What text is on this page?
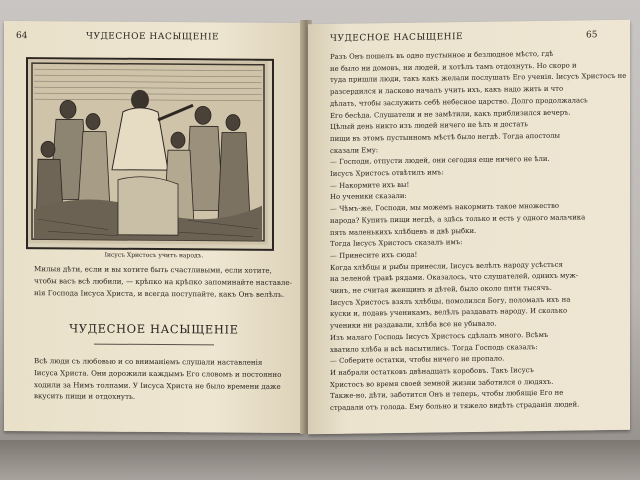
64	ЧУДЕСНОЕ НАСЫЩЕНІЕ
Іисусъ Христосъ учитъ народъ.

Милыя дѣти, если и вы хотите быть счастливыми, если хотите,
чтобы васъ всѣ любили, — крѣпко на крѣпко запоминайте наставле-
нія Господа Іисуса Христа, и всегда поступайте, какъ Онъ велѣлъ.

ЧУДЕСНОЕ НАСЫЩЕНІЕ

Всѣ люди съ любовью и со вниманіемъ слушали наставленія
Іисуса Христа. Они дорожили каждымъ Его словомъ и постоянно
ходили за Нимъ толпами. У Іисуса Христа не было времени даже
вкусить пищи и отдохнуть.

ЧУДЕСНОЕ НАСЫЩЕНІЕ	65

Разъ Онъ пошелъ въ одно пустынное и безлюдное мѣсто, гдѣ
не было ни домовъ, ни людей, и хотѣлъ тамъ отдохнуть. Но скоро и
туда пришли люди, такъ какъ желали послушать Его ученія. Іисусъ Христосъ не
разсердился и ласково началъ учить ихъ, какъ надо жить и что
дѣлать, чтобы заслужить себѣ небесное царство. Долго продолжалась
Его бесѣда. Слушатели и не замѣтили, какъ приблизился вечеръ.
Цѣлый день никто изъ людей ничего не ѣлъ и достать
пищи въ этомъ пустынномъ мѣстѣ было негдѣ. Тогда апостолы
сказали Ему:
— Господи, отпусти людей, они сегодня еще ничего не ѣли.
Іисусъ Христосъ отвѣтилъ имъ:
— Накормите ихъ вы!
Но ученики сказали:
— Чѣмъ-же, Господи, мы можемъ накормить такое множество
народа? Купить пищи негдѣ, а здѣсь только и есть у одного мальчика
пять маленькихъ хлѣбцевъ и двѣ рыбки.
Тогда Іисусъ Христосъ сказалъ имъ:
— Принесите ихъ сюда!
Когда хлѣбцы и рыбы принесли, Іисусъ велѣлъ народу усѣсться
на зеленой травѣ рядами. Оказалось, что слушателей, однихъ муж-
чинъ, не считая женщинъ и дѣтей, было около пяти тысячъ.
Іисусъ Христосъ взялъ хлѣбцы, помолился Богу, поломалъ ихъ на
куски и, подавъ ученикамъ, велѣлъ раздавать народу. И сколько
ученики ни раздавали, хлѣба все не убывало.
Изъ малаго Господь Іисусъ Христосъ сдѣлалъ много. Всѣмъ
хватило хлѣба и всѣ насытились. Тогда Господь сказалъ:
— Соберите остатки, чтобы ничего не пропало.
И набрали остатковъ двѣнадцать коробовъ. Такъ Іисусъ
Христосъ во время своей земной жизни заботился о людяхъ.
Также-но, дѣти, заботится Онъ и теперь, чтобы любящіе Его не
страдали отъ голода. Ему больно и тяжело видѣть страданія людей.
